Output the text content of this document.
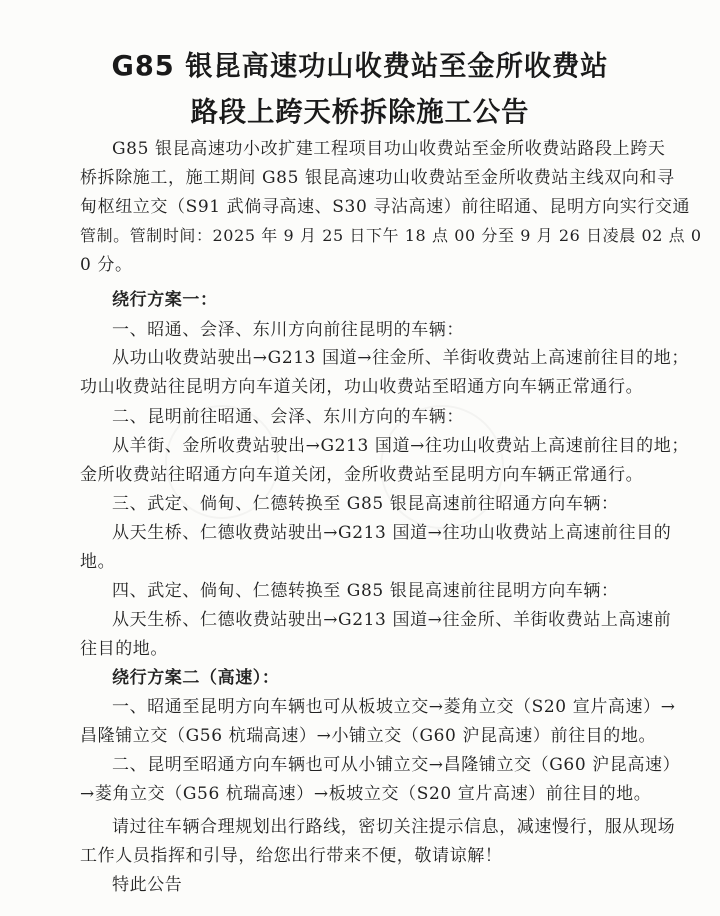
G85 银昆高速功山收费站至金所收费站
路段上跨天桥拆除施工公告
G85 银昆高速功小改扩建工程项目功山收费站至金所收费站路段上跨天
桥拆除施工，施工期间 G85 银昆高速功山收费站至金所收费站主线双向和寻
甸枢纽立交（S91 武倘寻高速、S30 寻沾高速）前往昭通、昆明方向实行交通
管制。管制时间：2025 年 9 月 25 日下午 18 点 00 分至 9 月 26 日凌晨 02 点 0
0 分。
绕行方案一：
一、昭通、会泽、东川方向前往昆明的车辆：
从功山收费站驶出→G213 国道→往金所、羊街收费站上高速前往目的地；
功山收费站往昆明方向车道关闭，功山收费站至昭通方向车辆正常通行。
二、昆明前往昭通、会泽、东川方向的车辆：
从羊街、金所收费站驶出→G213 国道→往功山收费站上高速前往目的地；
金所收费站往昭通方向车道关闭，金所收费站至昆明方向车辆正常通行。
三、武定、倘甸、仁德转换至 G85 银昆高速前往昭通方向车辆：
从天生桥、仁德收费站驶出→G213 国道→往功山收费站上高速前往目的
地。
四、武定、倘甸、仁德转换至 G85 银昆高速前往昆明方向车辆：
从天生桥、仁德收费站驶出→G213 国道→往金所、羊街收费站上高速前
往目的地。
绕行方案二（高速）：
一、昭通至昆明方向车辆也可从板坡立交→菱角立交（S20 宣片高速）→
昌隆铺立交（G56 杭瑞高速）→小铺立交（G60 沪昆高速）前往目的地。
二、昆明至昭通方向车辆也可从小铺立交→昌隆铺立交（G60 沪昆高速）
→菱角立交（G56 杭瑞高速）→板坡立交（S20 宣片高速）前往目的地。
请过往车辆合理规划出行路线，密切关注提示信息，减速慢行，服从现场
工作人员指挥和引导，给您出行带来不便，敬请谅解！
特此公告
